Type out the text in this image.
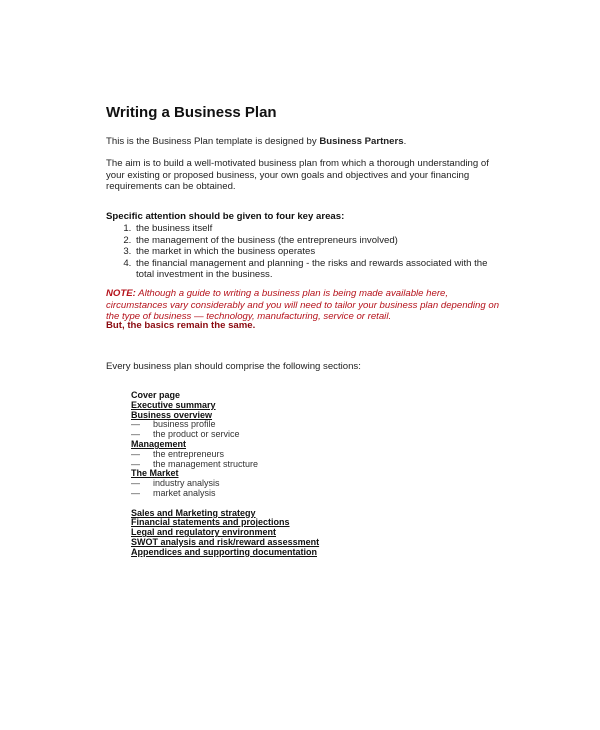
Writing a Business Plan

This is the Business Plan template is designed by Business Partners.

The aim is to build a well-motivated business plan from which a thorough understanding of your existing or proposed business, your own goals and objectives and your financing requirements can be obtained.

Specific attention should be given to four key areas:
1. the business itself
2. the management of the business (the entrepreneurs involved)
3. the market in which the business operates
4. the financial management and planning - the risks and rewards associated with the total investment in the business.
NOTE: Although a guide to writing a business plan is being made available here, circumstances vary considerably and you will need to tailor your business plan depending on the type of business — technology, manufacturing, service or retail.
But, the basics remain the same.
Every business plan should comprise the following sections:
Cover page
Executive summary
Business overview
— business profile
— the product or service
Management
— the entrepreneurs
— the management structure
The Market
— industry analysis
— market analysis
Sales and Marketing strategy
Financial statements and projections
Legal and regulatory environment
SWOT analysis and risk/reward assessment
Appendices and supporting documentation
